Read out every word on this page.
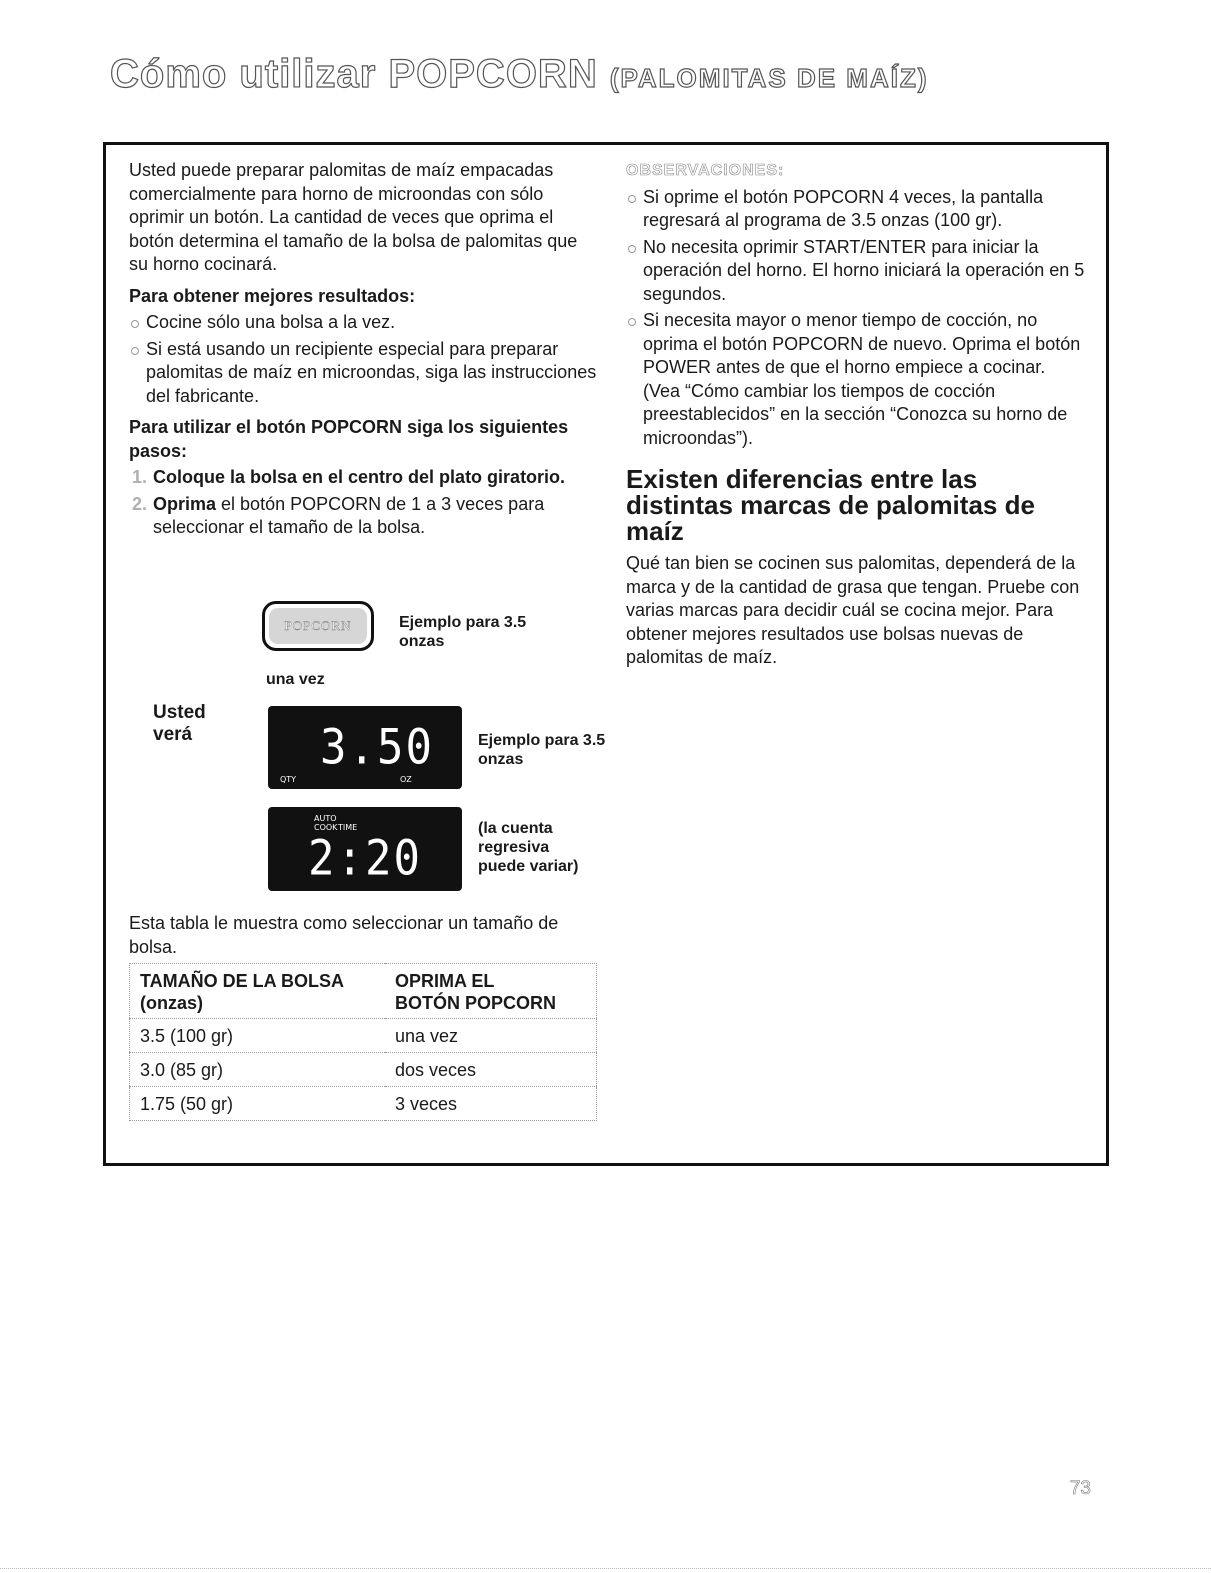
Cómo utilizar POPCORN (PALOMITAS DE MAÍZ)

Usted puede preparar palomitas de maíz empacadas comercialmente para horno de microondas con sólo oprimir un botón. La cantidad de veces que oprima el botón determina el tamaño de la bolsa de palomitas que su horno cocinará.

Para obtener mejores resultados:

Cocine sólo una bolsa a la vez.

Si está usando un recipiente especial para preparar palomitas de maíz en microondas, siga las instrucciones del fabricante.

Para utilizar el botón POPCORN siga los siguientes pasos:

1. Coloque la bolsa en el centro del plato giratorio.

2. Oprima el botón POPCORN de 1 a 3 veces para seleccionar el tamaño de la bolsa.

POPCORN	Ejemplo para 3.5 onzas
una vez
Usted verá	3.50
QTY	OZ
Ejemplo para 3.5 onzas
AUTO
COOK TIME
2:20
(la cuenta regresiva puede variar)

Esta tabla le muestra como seleccionar un tamaño de bolsa.

TAMAÑO DE LA BOLSA
(onzas)	OPRIMA EL
BOTÓN POPCORN
3.5 (100 gr)	una vez
3.0 (85 gr)	dos veces
1.75 (50 gr)	3 veces

OBSERVACIONES:

Si oprime el botón POPCORN 4 veces, la pantalla regresará al programa de 3.5 onzas (100 gr).

No necesita oprimir START/ENTER para iniciar la operación del horno. El horno iniciará la operación en 5 segundos.

Si necesita mayor o menor tiempo de cocción, no oprima el botón POPCORN de nuevo. Oprima el botón POWER antes de que el horno empiece a cocinar. (Vea “Cómo cambiar los tiempos de cocción preestablecidos” en la sección “Conozca su horno de microondas”).

Existen diferencias entre las distintas marcas de palomitas de maíz

Qué tan bien se cocinen sus palomitas, dependerá de la marca y de la cantidad de grasa que tengan. Pruebe con varias marcas para decidir cuál se cocina mejor. Para obtener mejores resultados use bolsas nuevas de palomitas de maíz.

73
